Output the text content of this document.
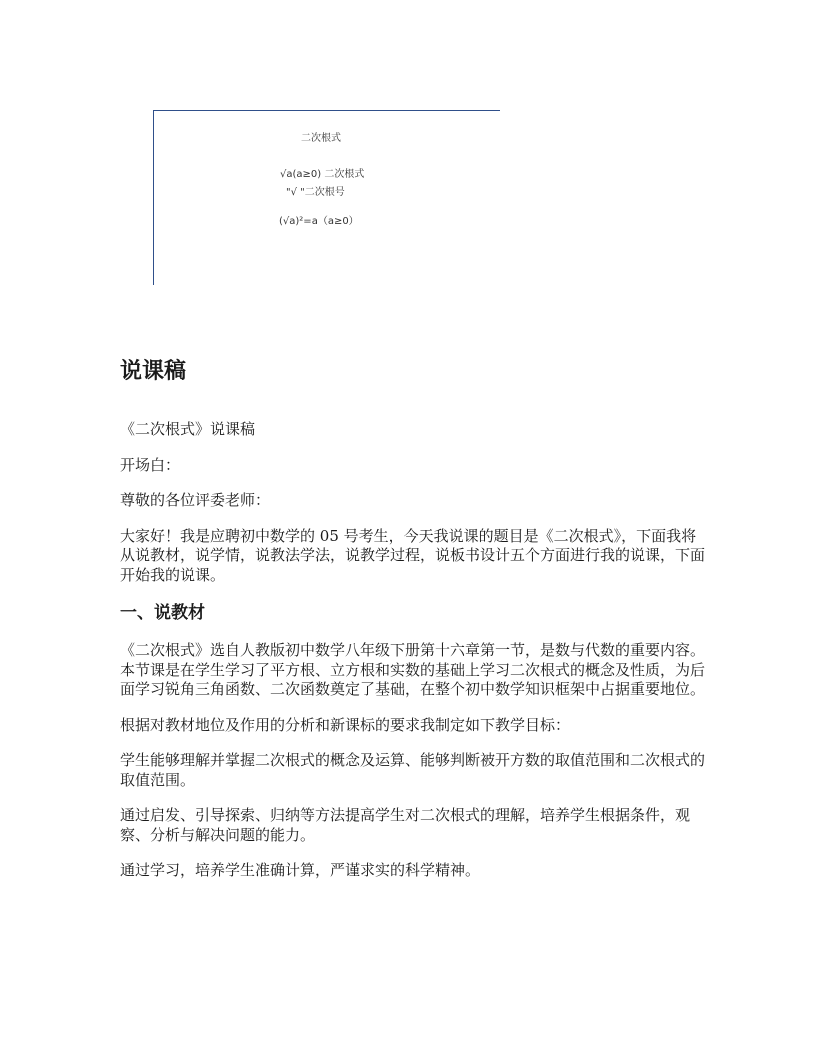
二次根式
√a(a≥0) 二次根式
"√ "二次根号
(√a)²=a（a≥0）
说课稿

《二次根式》说课稿

开场白：

尊敬的各位评委老师：

大家好！我是应聘初中数学的 05 号考生，今天我说课的题目是《二次根式》，下面我将从说教材，说学情，说教法学法，说教学过程，说板书设计五个方面进行我的说课，下面开始我的说课。

一、说教材

《二次根式》选自人教版初中数学八年级下册第十六章第一节，是数与代数的重要内容。本节课是在学生学习了平方根、立方根和实数的基础上学习二次根式的概念及性质，为后面学习锐角三角函数、二次函数奠定了基础，在整个初中数学知识框架中占据重要地位。

根据对教材地位及作用的分析和新课标的要求我制定如下教学目标：

学生能够理解并掌握二次根式的概念及运算、能够判断被开方数的取值范围和二次根式的取值范围。

通过启发、引导探索、归纳等方法提高学生对二次根式的理解，培养学生根据条件，观察、分析与解决问题的能力。

通过学习，培养学生准确计算，严谨求实的科学精神。
